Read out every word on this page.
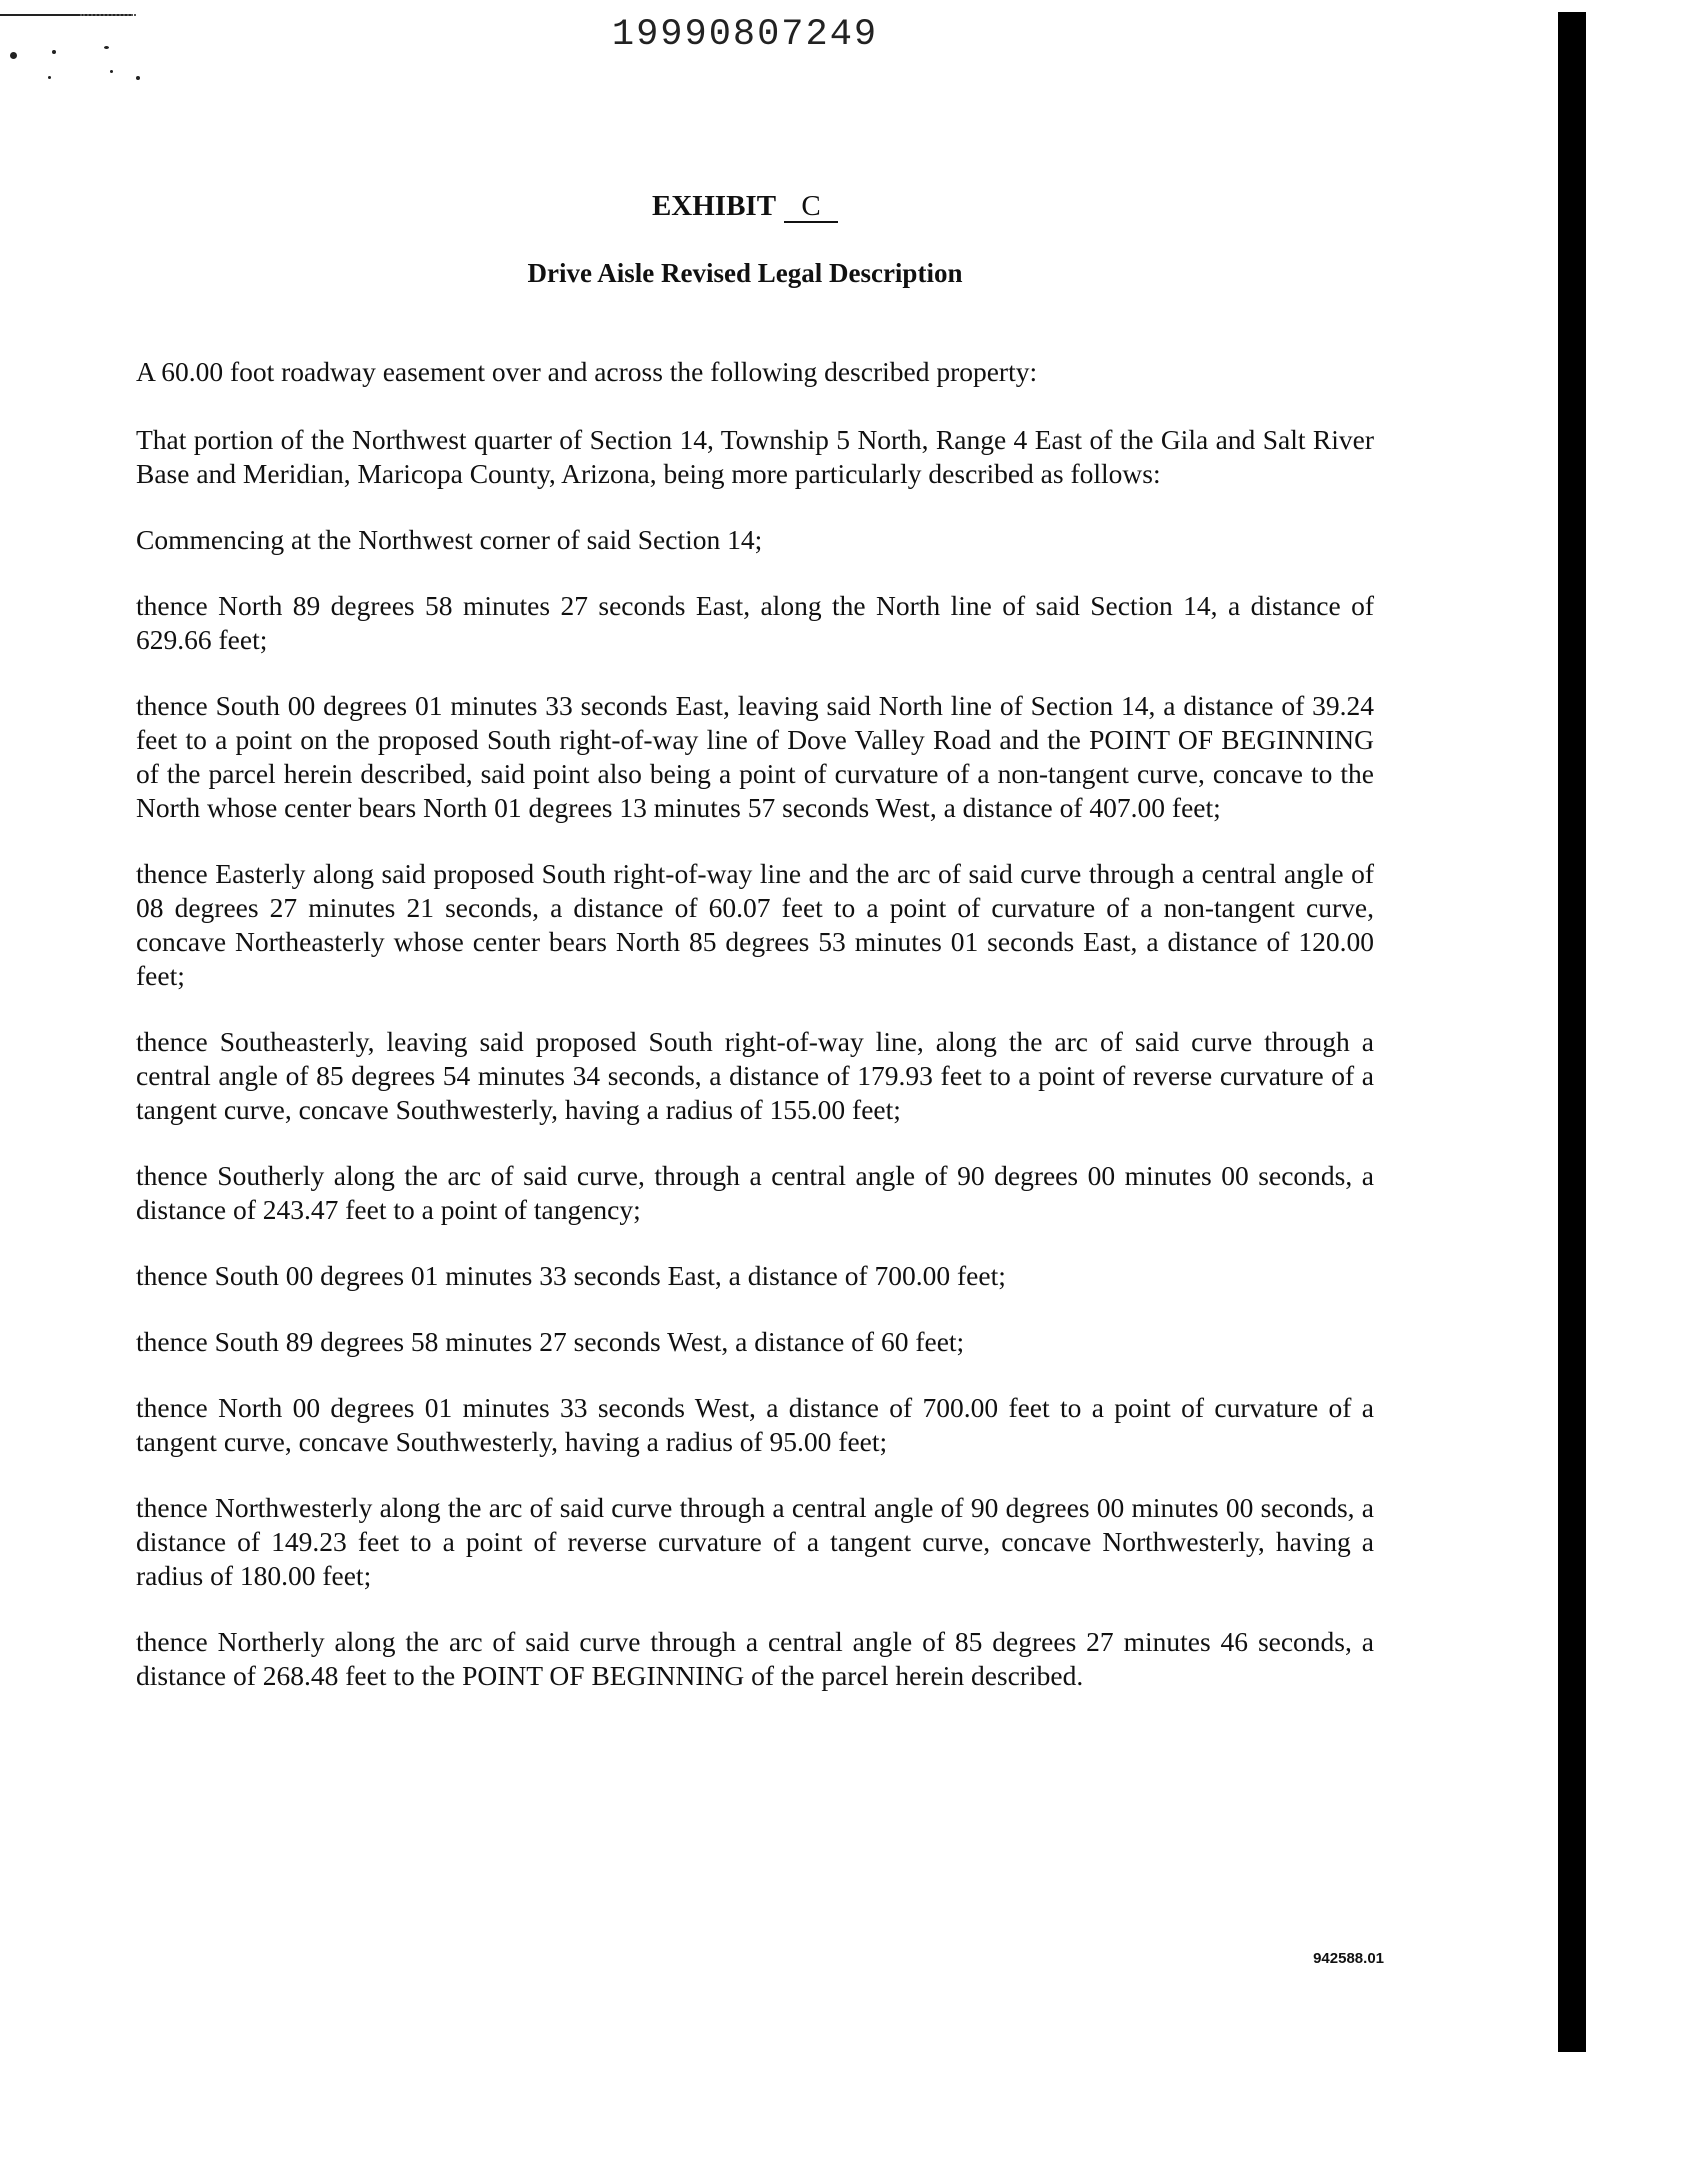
19990807249
EXHIBIT C
Drive Aisle Revised Legal Description

A 60.00 foot roadway easement over and across the following described property:

That portion of the Northwest quarter of Section 14, Township 5 North, Range 4 East of the Gila and Salt River Base and Meridian, Maricopa County, Arizona, being more particularly described as follows:

Commencing at the Northwest corner of said Section 14;

thence North 89 degrees 58 minutes 27 seconds East, along the North line of said Section 14, a distance of 629.66 feet;

thence South 00 degrees 01 minutes 33 seconds East, leaving said North line of Section 14, a distance of 39.24 feet to a point on the proposed South right-of-way line of Dove Valley Road and the POINT OF BEGINNING of the parcel herein described, said point also being a point of curvature of a non-tangent curve, concave to the North whose center bears North 01 degrees 13 minutes 57 seconds West, a distance of 407.00 feet;

thence Easterly along said proposed South right-of-way line and the arc of said curve through a central angle of 08 degrees 27 minutes 21 seconds, a distance of 60.07 feet to a point of curvature of a non-tangent curve, concave Northeasterly whose center bears North 85 degrees 53 minutes 01 seconds East, a distance of 120.00 feet;

thence Southeasterly, leaving said proposed South right-of-way line, along the arc of said curve through a central angle of 85 degrees 54 minutes 34 seconds, a distance of 179.93 feet to a point of reverse curvature of a tangent curve, concave Southwesterly, having a radius of 155.00 feet;

thence Southerly along the arc of said curve, through a central angle of 90 degrees 00 minutes 00 seconds, a distance of 243.47 feet to a point of tangency;

thence South 00 degrees 01 minutes 33 seconds East, a distance of 700.00 feet;

thence South 89 degrees 58 minutes 27 seconds West, a distance of 60 feet;

thence North 00 degrees 01 minutes 33 seconds West, a distance of 700.00 feet to a point of curvature of a tangent curve, concave Southwesterly, having a radius of 95.00 feet;

thence Northwesterly along the arc of said curve through a central angle of 90 degrees 00 minutes 00 seconds, a distance of 149.23 feet to a point of reverse curvature of a tangent curve, concave Northwesterly, having a radius of 180.00 feet;

thence Northerly along the arc of said curve through a central angle of 85 degrees 27 minutes 46 seconds, a distance of 268.48 feet to the POINT OF BEGINNING of the parcel herein described.

942588.01
